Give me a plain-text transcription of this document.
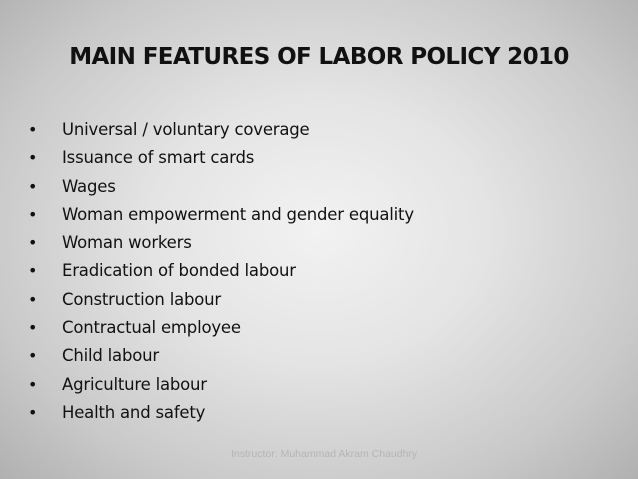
MAIN FEATURES OF LABOR POLICY 2010
• Universal / voluntary coverage
• Issuance of smart cards
• Wages
• Woman empowerment and gender equality
• Woman workers
• Eradication of bonded labour
• Construction labour
• Contractual employee
• Child labour
• Agriculture labour
• Health and safety
Instructor: Muhammad Akram Chaudhry
